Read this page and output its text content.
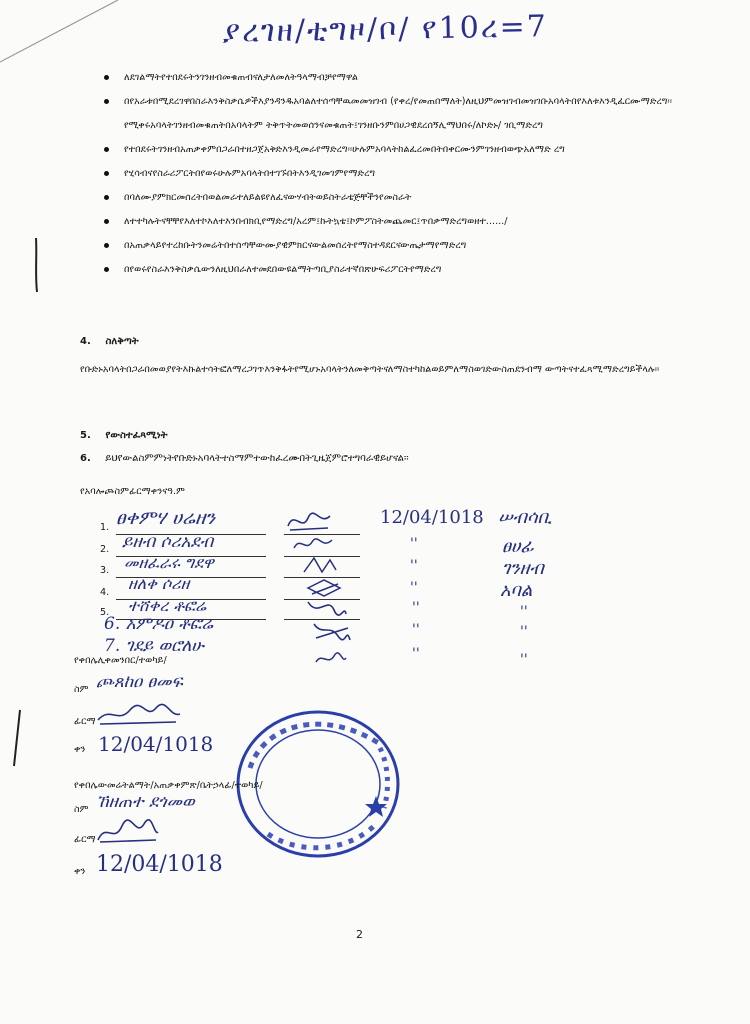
ያረገዘ/ቲግዞ/ቦ/ የ10ረ=7
ለደገልማትየተበደሩትንገንዘብመቁጠብናለታለመለትዓላማብቻየማዋል
በየአራቱበሚደረገዋበስራእንቅስቃሴዎችእያንዳንዱአባልለተሰጣቸዉመመዝገብ (የቀረ/የመጠበማለት)ለዚህምመዝገብመዝገቡአባላትበየእለቱእንዲፈርሙማድረግ፡፡የሚቀሩአባላትገንዘብመቁጠትበአባላትም ትቅጥትመወሰንናመቁጠት፤ገንዘቡንምበሀጋዊደረሰኝሊማህበሩ/ለኮድኑ/ ገቢማድረግ
የተበደሩትገንዘብአጠቃቀምበጋራበተዘጋጀአቅድእንዲመራየማድረግ፡፡ሁሉምአባላትከልፈረመበትበቀርሙንምገንዘብወጭአለማድ ረግ
የሂሳብናየስራሪፖርትበየወሩሁሉምአባላትበተገኙበትእንዲገመገምየማድረግ
በባለሙያምክርመሰረትበወልመራተለይልዩየለፈናውሃብትወይስትራቴጅቸችንየመስራት
ለተተካሉትናቸቸየእለተኮእለተእንበብክቢየማድረግ/አረም፤ኩትኳቴ፤ኮምፖስትመጨመር፤ጥበቃማድረግወዘተ....../
በአጠቃላይየተረከቡትንመሬትበተሰጣቸውሙያዊምክርናውልመሰረትየማስተዳደርናውጤታማየማድረግ
በየወሩየስራእንቅስቃሴውንለዚህበራለተመደበውዩልማትጣቢያስራተኛበጽሁፍሪፖርትየማድረግ
4. ስለቅጣት
የቡድኑአባላትበጋራበመወያየትእኩልተሳትፎለማረጋገጥእንቅፋትየሚሆኑአባላትንለመቅጣትናለማስተካከልወይምለማስወገድውስጠደንብማ ውጣትናተፈጻሚማድረግይችላሉ፡፡
5. የውስተፈጻሚነት
6. ይህየውልስምምነትየቡድኑአባላትተስማምተውከፈረሙበትጊዜጀምሮተግባራዊይሆናል፡፡
የአባሎጮስምፊርማቀንናዓ.ም
1. ፀቀምሃ ሀሬዘን	12/04/1018 ሠብሳቢ
2. ይዘብ ሶሪአደብ	''	ፀሀፊ
3. መዘፈራሩ ግደዋ	''	ገንዘብ
4. ዘለቀ ሶሪዘ	''	አባል
5. ተሸቀረ ቶፎሬ	''	''
6. አምዶዐ ቶፎሬ	''	''
7. ገደይ ወሮለሁ	''	''
የቀበሌሊቀመንበር/ተወካይ/
ስም ጮጸከዐ ፀመፍ
ፊርማ
ቀን 12/04/1018
የቀበሌውመሬትልማት/አጠቃቀምጽ/ቤትኃላፊ/ተወካይ/
ስም ኸዘጠተ ደጎመወ
ፊርማ
ቀን 12/04/1018
2
